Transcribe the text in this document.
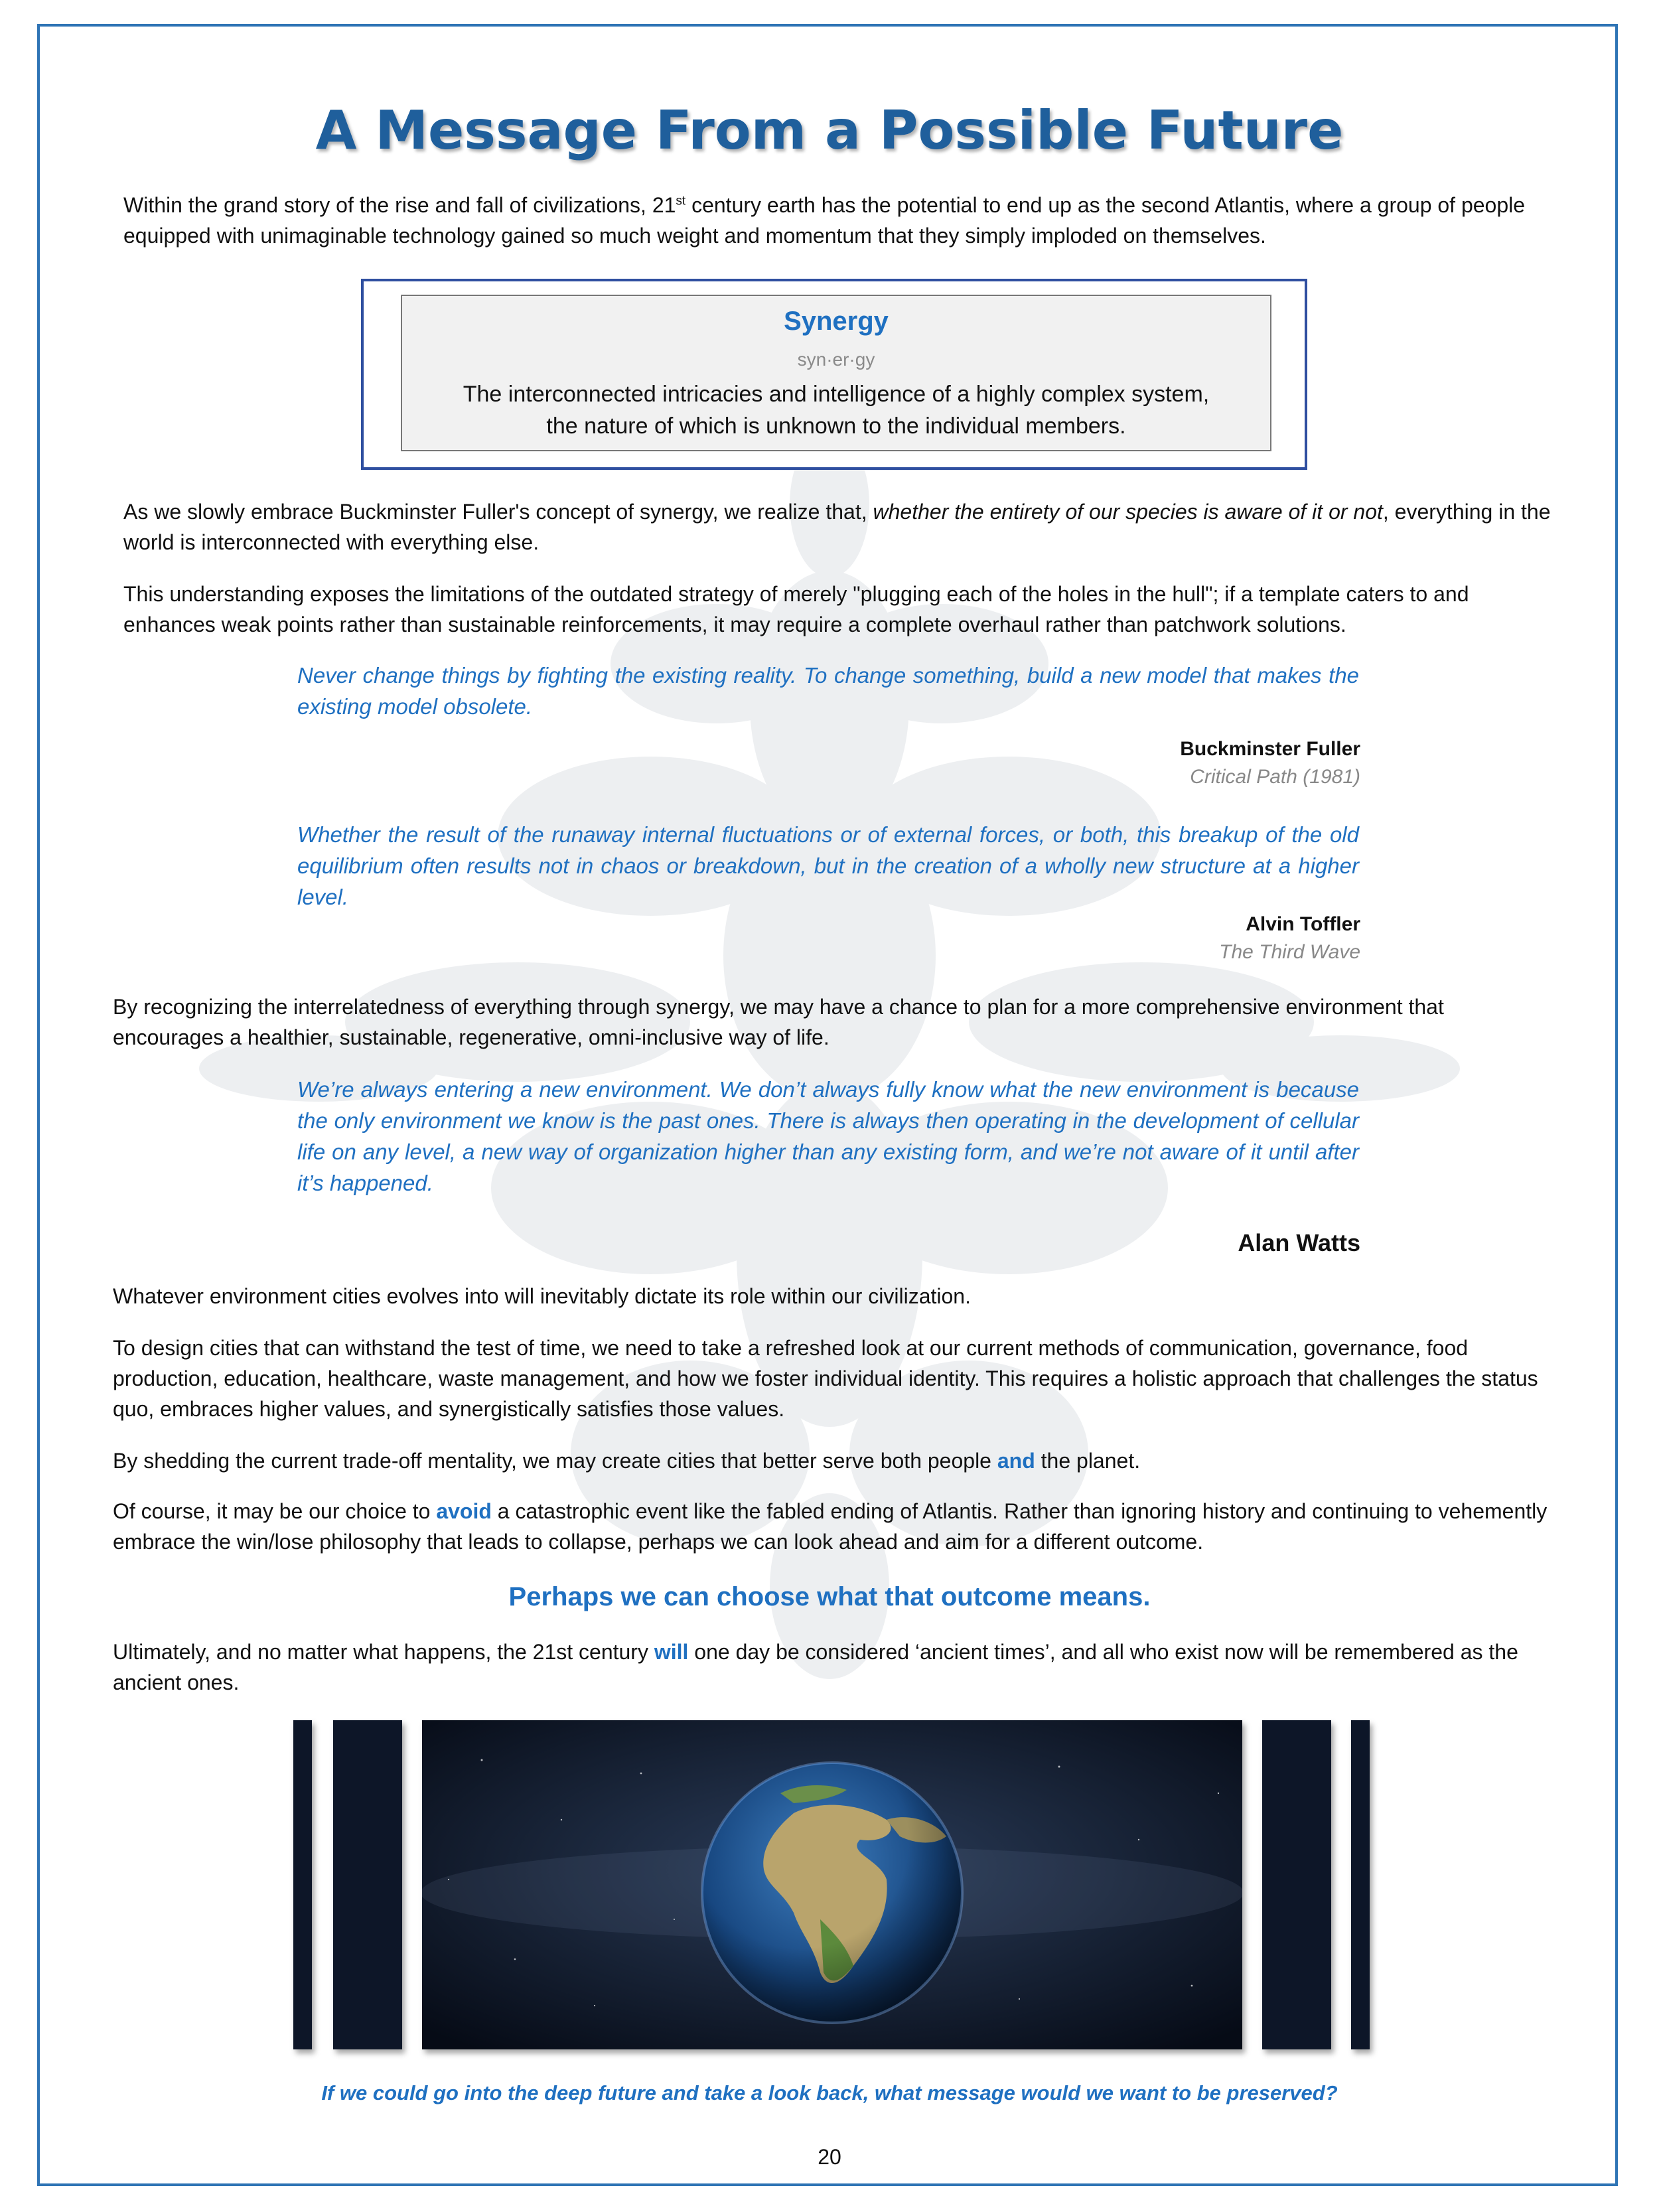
A Message From a Possible Future
Within the grand story of the rise and fall of civilizations, 21st century earth has the potential to end up as the second Atlantis, where a group of people equipped with unimaginable technology gained so much weight and momentum that they simply imploded on themselves.
Synergy
syn·er·gy
The interconnected intricacies and intelligence of a highly complex system,
the nature of which is unknown to the individual members.
As we slowly embrace Buckminster Fuller's concept of synergy, we realize that, whether the entirety of our species is aware of it or not, everything in the world is interconnected with everything else.
This understanding exposes the limitations of the outdated strategy of merely "plugging each of the holes in the hull"; if a template caters to and enhances weak points rather than sustainable reinforcements, it may require a complete overhaul rather than patchwork solutions.
Never change things by fighting the existing reality. To change something, build a new model that makes the existing model obsolete.
Buckminster Fuller
Critical Path (1981)
Whether the result of the runaway internal fluctuations or of external forces, or both, this breakup of the old equilibrium often results not in chaos or breakdown, but in the creation of a wholly new structure at a higher level.
Alvin Toffler
The Third Wave
By recognizing the interrelatedness of everything through synergy, we may have a chance to plan for a more comprehensive environment that encourages a healthier, sustainable, regenerative, omni-inclusive way of life.
We’re always entering a new environment. We don’t always fully know what the new environment is because the only environment we know is the past ones. There is always then operating in the development of cellular life on any level, a new way of organization higher than any existing form, and we’re not aware of it until after it’s happened.
Alan Watts
Whatever environment cities evolves into will inevitably dictate its role within our civilization.
To design cities that can withstand the test of time, we need to take a refreshed look at our current methods of communication, governance, food production, education, healthcare, waste management, and how we foster individual identity. This requires a holistic approach that challenges the status quo, embraces higher values, and synergistically satisfies those values.
By shedding the current trade-off mentality, we may create cities that better serve both people and the planet.
Of course, it may be our choice to avoid a catastrophic event like the fabled ending of Atlantis. Rather than ignoring history and continuing to vehemently embrace the win/lose philosophy that leads to collapse, perhaps we can look ahead and aim for a different outcome.
Perhaps we can choose what that outcome means.
Ultimately, and no matter what happens, the 21st century will one day be considered ‘ancient times’, and all who exist now will be remembered as the ancient ones.
If we could go into the deep future and take a look back, what message would we want to be preserved?
20
